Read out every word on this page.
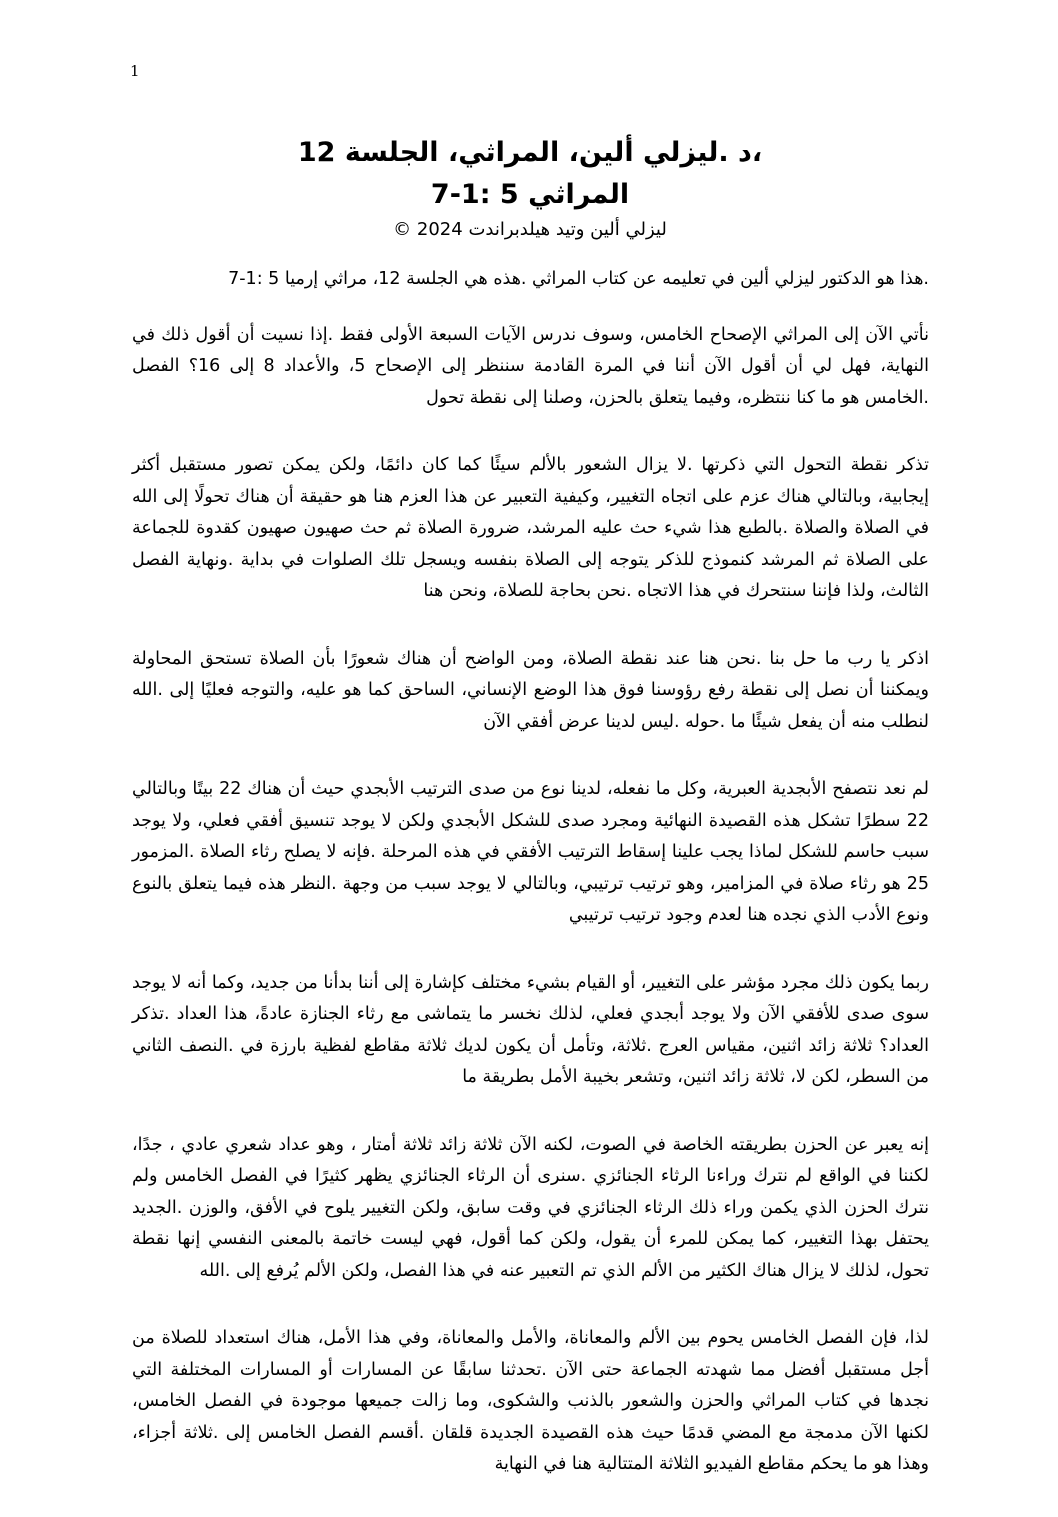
1
،د .ليزلي ألين، المراثي، الجلسة 12
المراثي 5 :1-7
ليزلي ألين وتيد هيلدبراندت 2024 ©

.هذا هو الدكتور ليزلي ألين في تعليمه عن كتاب المراثي .هذه هي الجلسة 12، مراثي إرميا 5 :1-7

نأتي الآن إلى المراثي الإصحاح الخامس، وسوف ندرس الآيات السبعة الأولى فقط .إذا نسيت أن أقول ذلك في النهاية، فهل لي أن أقول الآن أننا في المرة القادمة سننظر إلى الإصحاح 5، والأعداد 8 إلى 16؟ الفصل .الخامس هو ما كنا ننتظره، وفيما يتعلق بالحزن، وصلنا إلى نقطة تحول

تذكر نقطة التحول التي ذكرتها .لا يزال الشعور بالألم سيئًا كما كان دائمًا، ولكن يمكن تصور مستقبل أكثر إيجابية، وبالتالي هناك عزم على اتجاه التغيير، وكيفية التعبير عن هذا العزم هنا هو حقيقة أن هناك تحولًا إلى الله في الصلاة والصلاة .بالطبع هذا شيء حث عليه المرشد، ضرورة الصلاة ثم حث صهيون صهيون كقدوة للجماعة على الصلاة ثم المرشد كنموذج للذكر يتوجه إلى الصلاة بنفسه ويسجل تلك الصلوات في بداية .ونهاية الفصل الثالث، ولذا فإننا سنتحرك في هذا الاتجاه .نحن بحاجة للصلاة، ونحن هنا

اذكر يا رب ما حل بنا .نحن هنا عند نقطة الصلاة، ومن الواضح أن هناك شعورًا بأن الصلاة تستحق المحاولة ويمكننا أن نصل إلى نقطة رفع رؤوسنا فوق هذا الوضع الإنساني، الساحق كما هو عليه، والتوجه فعليًا إلى .الله لنطلب منه أن يفعل شيئًا ما .حوله .ليس لدينا عرض أفقي الآن

لم نعد نتصفح الأبجدية العبرية، وكل ما نفعله، لدينا نوع من صدى الترتيب الأبجدي حيث أن هناك 22 بيتًا وبالتالي 22 سطرًا تشكل هذه القصيدة النهائية ومجرد صدى للشكل الأبجدي ولكن لا يوجد تنسيق أفقي فعلي، ولا يوجد سبب حاسم للشكل لماذا يجب علينا إسقاط الترتيب الأفقي في هذه المرحلة .فإنه لا يصلح رثاء الصلاة .المزمور 25 هو رثاء صلاة في المزامير، وهو ترتيب ترتيبي، وبالتالي لا يوجد سبب من وجهة .النظر هذه فيما يتعلق بالنوع ونوع الأدب الذي نجده هنا لعدم وجود ترتيب ترتيبي

ربما يكون ذلك مجرد مؤشر على التغيير، أو القيام بشيء مختلف كإشارة إلى أننا بدأنا من جديد، وكما أنه لا يوجد سوى صدى للأفقي الآن ولا يوجد أبجدي فعلي، لذلك نخسر ما يتماشى مع رثاء الجنازة عادةً، هذا العداد .تذكر العداد؟ ثلاثة زائد اثنين، مقياس العرج .ثلاثة، وتأمل أن يكون لديك ثلاثة مقاطع لفظية بارزة في .النصف الثاني من السطر، لكن لا، ثلاثة زائد اثنين، وتشعر بخيبة الأمل بطريقة ما

إنه يعبر عن الحزن بطريقته الخاصة في الصوت، لكنه الآن ثلاثة زائد ثلاثة أمتار ، وهو عداد شعري عادي ، جدًا، لكننا في الواقع لم نترك وراءنا الرثاء الجنائزي .سنرى أن الرثاء الجنائزي يظهر كثيرًا في الفصل الخامس ولم نترك الحزن الذي يكمن وراء ذلك الرثاء الجنائزي في وقت سابق، ولكن التغيير يلوح في الأفق، والوزن .الجديد يحتفل بهذا التغيير، كما يمكن للمرء أن يقول، ولكن كما أقول، فهي ليست خاتمة بالمعنى النفسي إنها نقطة تحول، لذلك لا يزال هناك الكثير من الألم الذي تم التعبير عنه في هذا الفصل، ولكن الألم يُرفع إلى .الله

لذا، فإن الفصل الخامس يحوم بين الألم والمعاناة، والأمل والمعاناة، وفي هذا الأمل، هناك استعداد للصلاة من أجل مستقبل أفضل مما شهدته الجماعة حتى الآن .تحدثنا سابقًا عن المسارات أو المسارات المختلفة التي نجدها في كتاب المراثي والحزن والشعور بالذنب والشكوى، وما زالت جميعها موجودة في الفصل الخامس، لكنها الآن مدمجة مع المضي قدمًا حيث هذه القصيدة الجديدة قلقان .أقسم الفصل الخامس إلى .ثلاثة أجزاء، وهذا هو ما يحكم مقاطع الفيديو الثلاثة المتتالية هنا في النهاية
